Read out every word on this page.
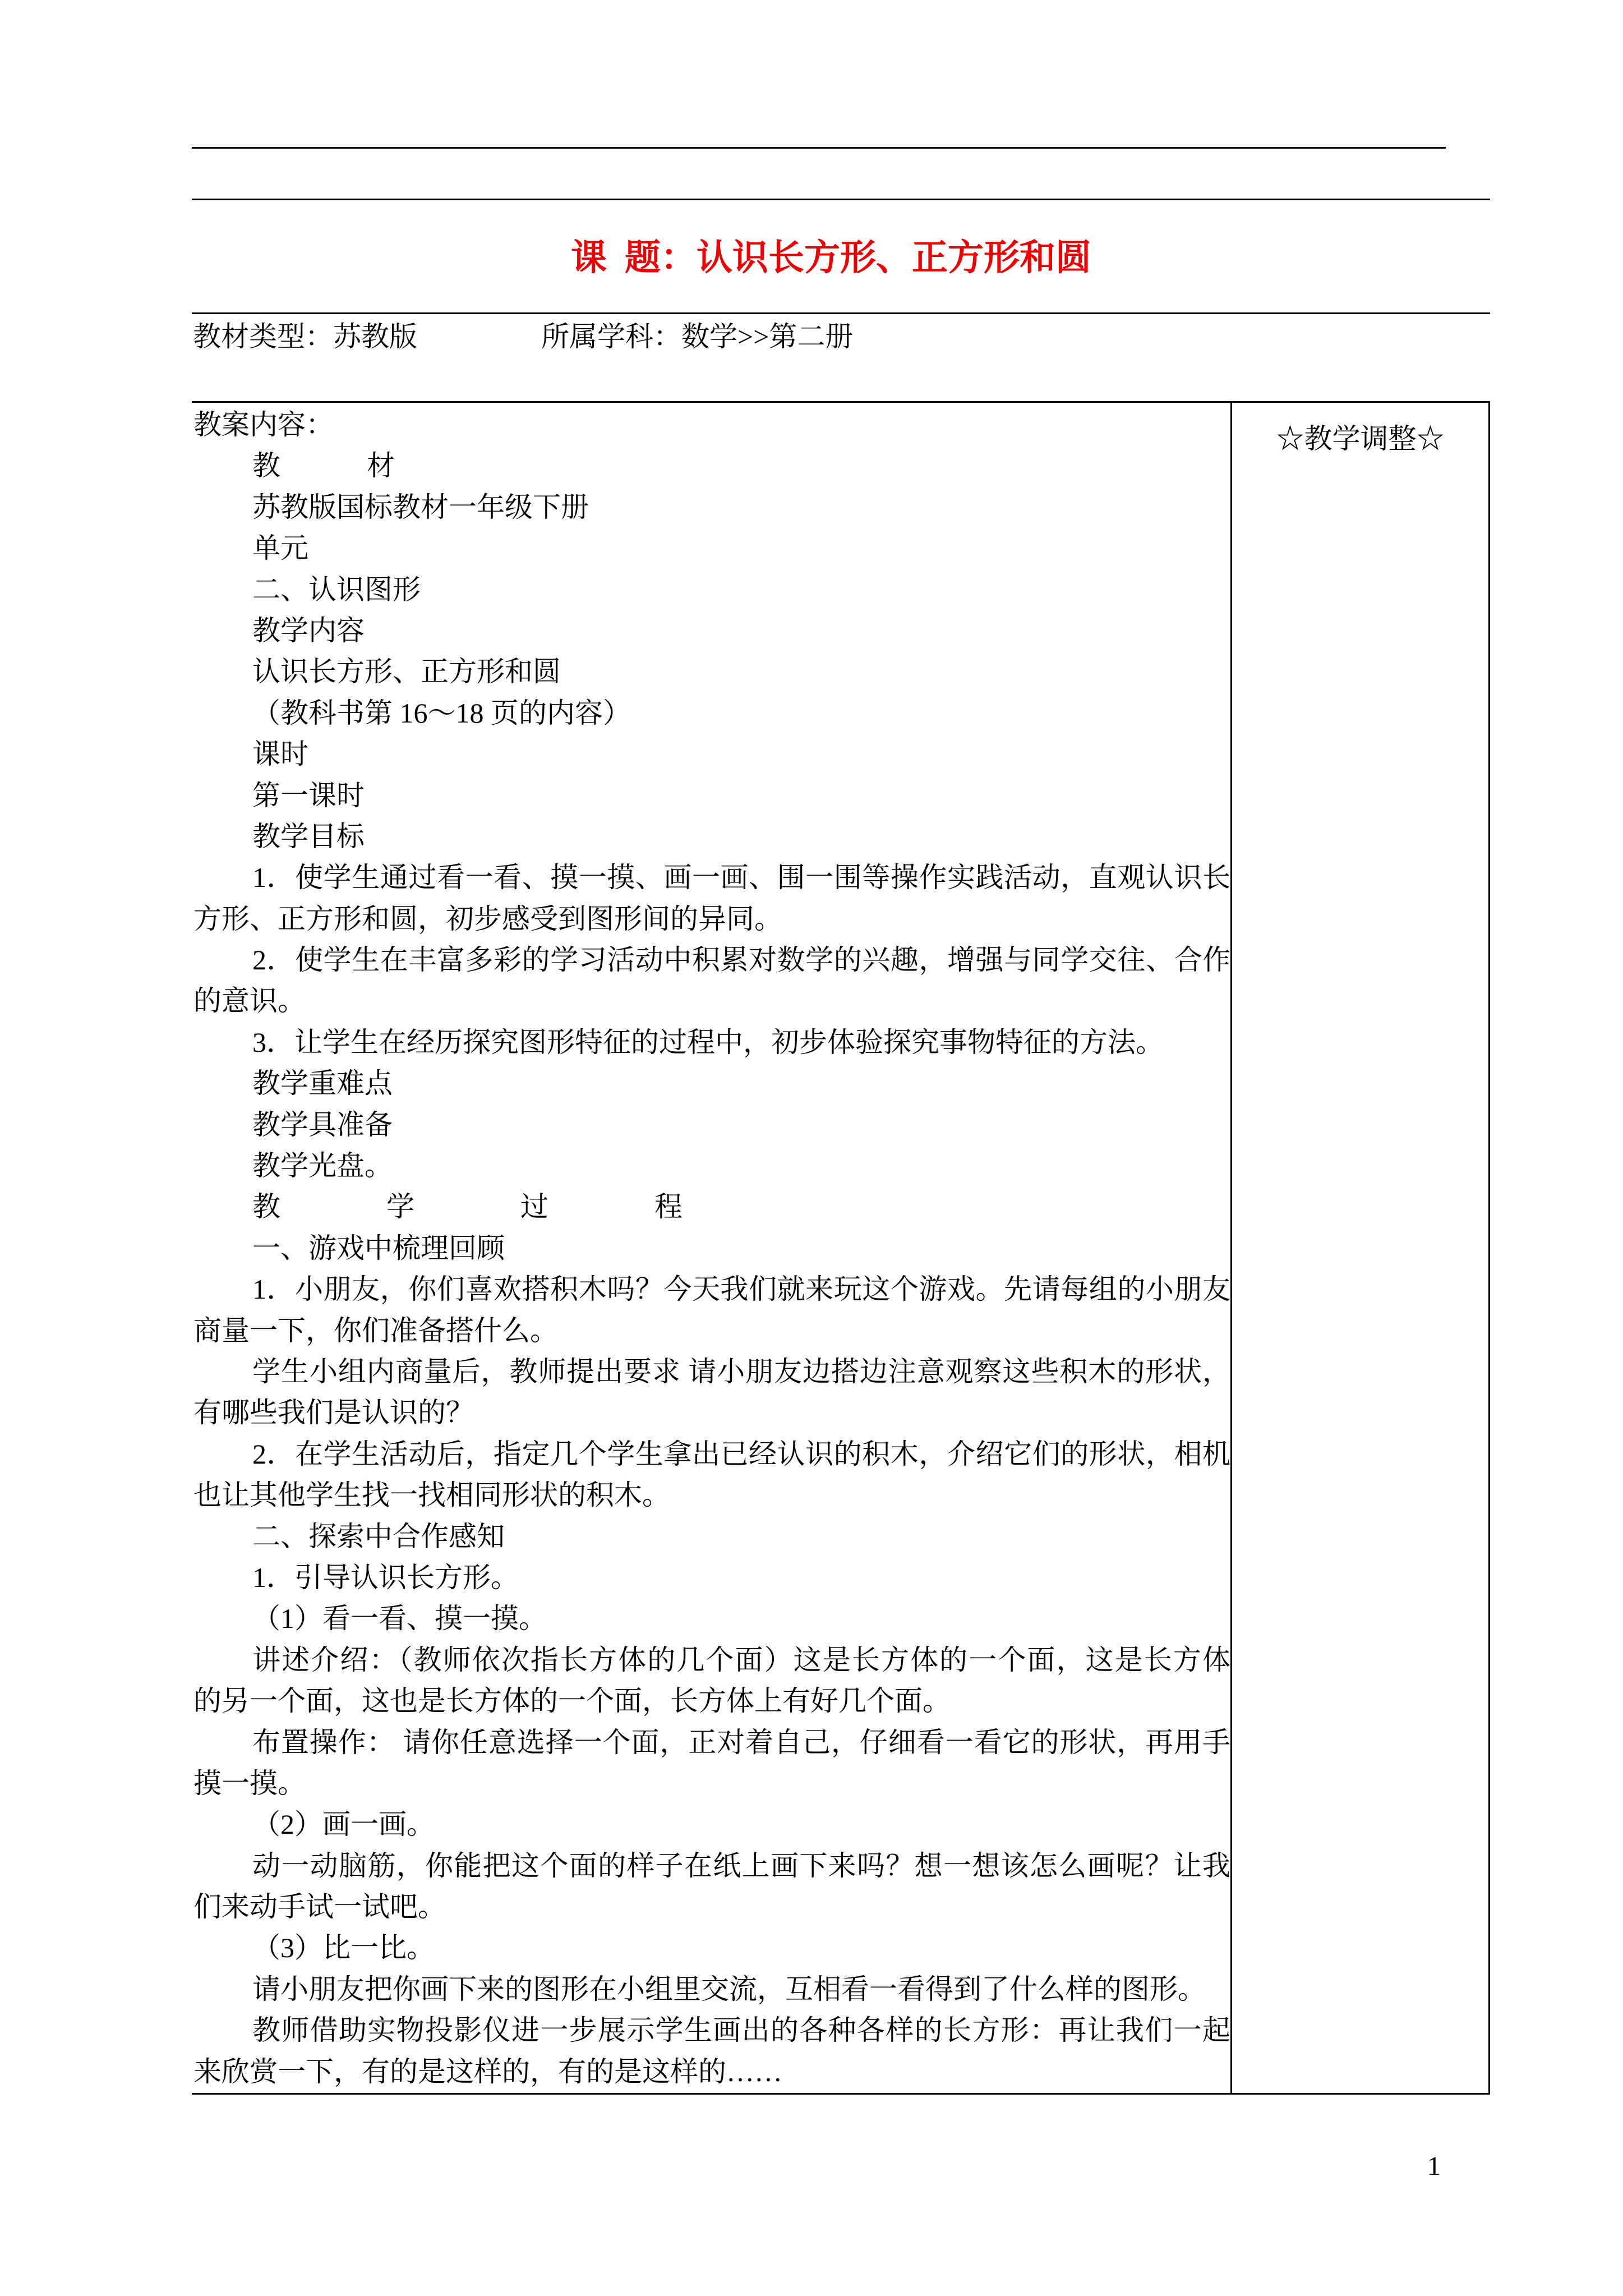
课  题：认识长方形、正方形和圆
教材类型：苏教版	所属学科：数学>>第二册
教案内容：
教	材
苏教版国标教材一年级下册
单元
二、认识图形
教学内容
认识长方形、正方形和圆
（教科书第 16～18 页的内容）
课时
第一课时
教学目标
1．使学生通过看一看、摸一摸、画一画、围一围等操作实践活动，直观认识长
方形、正方形和圆，初步感受到图形间的异同。
2．使学生在丰富多彩的学习活动中积累对数学的兴趣，增强与同学交往、合作
的意识。
3．让学生在经历探究图形特征的过程中，初步体验探究事物特征的方法。
教学重难点
教学具准备
教学光盘。
教	学	过	程
一、游戏中梳理回顾
1．小朋友，你们喜欢搭积木吗？今天我们就来玩这个游戏。先请每组的小朋友
商量一下，你们准备搭什么。
学生小组内商量后，教师提出要求 请小朋友边搭边注意观察这些积木的形状，
有哪些我们是认识的？
2．在学生活动后，指定几个学生拿出已经认识的积木，介绍它们的形状，相机
也让其他学生找一找相同形状的积木。
二、探索中合作感知
1．引导认识长方形。
（1）看一看、摸一摸。
讲述介绍：（教师依次指长方体的几个面）这是长方体的一个面，这是长方体
的另一个面，这也是长方体的一个面，长方体上有好几个面。
布置操作： 请你任意选择一个面，正对着自己，仔细看一看它的形状，再用手
摸一摸。
（2）画一画。
动一动脑筋，你能把这个面的样子在纸上画下来吗？想一想该怎么画呢？让我
们来动手试一试吧。
（3）比一比。
请小朋友把你画下来的图形在小组里交流，互相看一看得到了什么样的图形。
教师借助实物投影仪进一步展示学生画出的各种各样的长方形：再让我们一起
来欣赏一下，有的是这样的，有的是这样的……
☆教学调整☆
1
